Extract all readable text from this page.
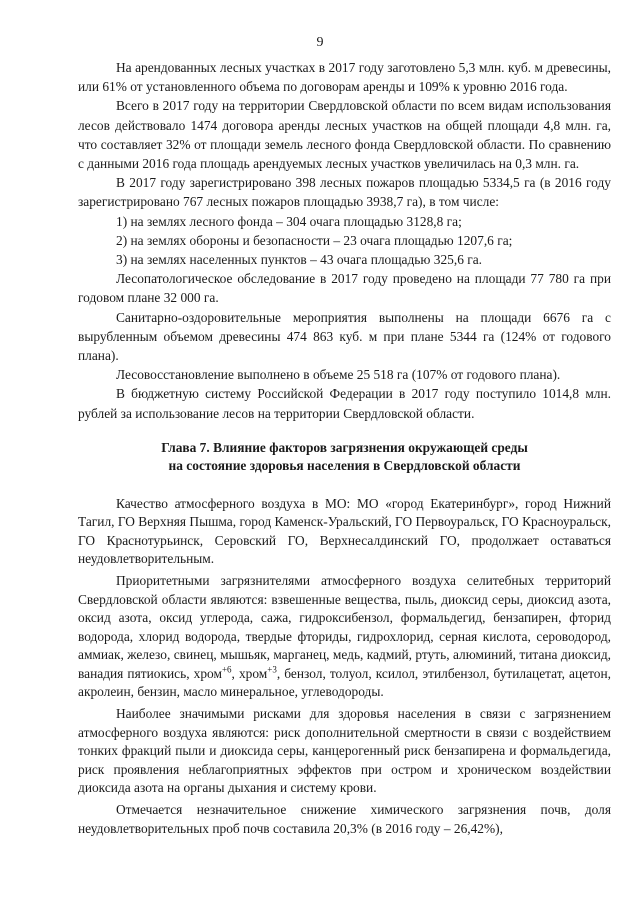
9

На арендованных лесных участках в 2017 году заготовлено 5,3 млн. куб. м древесины, или 61% от установленного объема по договорам аренды и 109% к уровню 2016 года.

Всего в 2017 году на территории Свердловской области по всем видам использования лесов действовало 1474 договора аренды лесных участков на общей площади 4,8 млн. га, что составляет 32% от площади земель лесного фонда Свердловской области. По сравнению с данными 2016 года площадь арендуемых лесных участков увеличилась на 0,3 млн. га.

В 2017 году зарегистрировано 398 лесных пожаров площадью 5334,5 га (в 2016 году зарегистрировано 767 лесных пожаров площадью 3938,7 га), в том числе:

1) на землях лесного фонда – 304 очага площадью 3128,8 га;

2) на землях обороны и безопасности – 23 очага площадью 1207,6 га;

3) на землях населенных пунктов – 43 очага площадью 325,6 га.

Лесопатологическое обследование в 2017 году проведено на площади 77 780 га при годовом плане 32 000 га.

Санитарно-оздоровительные мероприятия выполнены на площади 6676 га с вырубленным объемом древесины 474 863 куб. м при плане 5344 га (124% от годового плана).

Лесовосстановление выполнено в объеме 25 518 га (107% от годового плана).

В бюджетную систему Российской Федерации в 2017 году поступило 1014,8 млн. рублей за использование лесов на территории Свердловской области.

Глава 7. Влияние факторов загрязнения окружающей среды
на состояние здоровья населения в Свердловской области

Качество атмосферного воздуха в МО: МО «город Екатеринбург», город Нижний Тагил, ГО Верхняя Пышма, город Каменск-Уральский, ГО Первоуральск, ГО Красноуральск, ГО Краснотурьинск, Серовский ГО, Верхнесалдинский ГО, продолжает оставаться неудовлетворительным.

Приоритетными загрязнителями атмосферного воздуха селитебных территорий Свердловской области являются: взвешенные вещества, пыль, диоксид серы, диоксид азота, оксид азота, оксид углерода, сажа, гидроксибензол, формальдегид, бензапирен, фторид водорода, хлорид водорода, твердые фториды, гидрохлорид, серная кислота, сероводород, аммиак, железо, свинец, мышьяк, марганец, медь, кадмий, ртуть, алюминий, титана диоксид, ванадия пятиокись, хром$^{+6}$, хром$^{+3}$, бензол, толуол, ксилол, этилбензол, бутилацетат, ацетон, акролеин, бензин, масло минеральное, углеводороды.

Наиболее значимыми рисками для здоровья населения в связи с загрязнением атмосферного воздуха являются: риск дополнительной смертности в связи с воздействием тонких фракций пыли и диоксида серы, канцерогенный риск бензапирена и формальдегида, риск проявления неблагоприятных эффектов при остром и хроническом воздействии диоксида азота на органы дыхания и систему крови.

Отмечается незначительное снижение химического загрязнения почв, доля неудовлетворительных проб почв составила 20,3% (в 2016 году – 26,42%),
